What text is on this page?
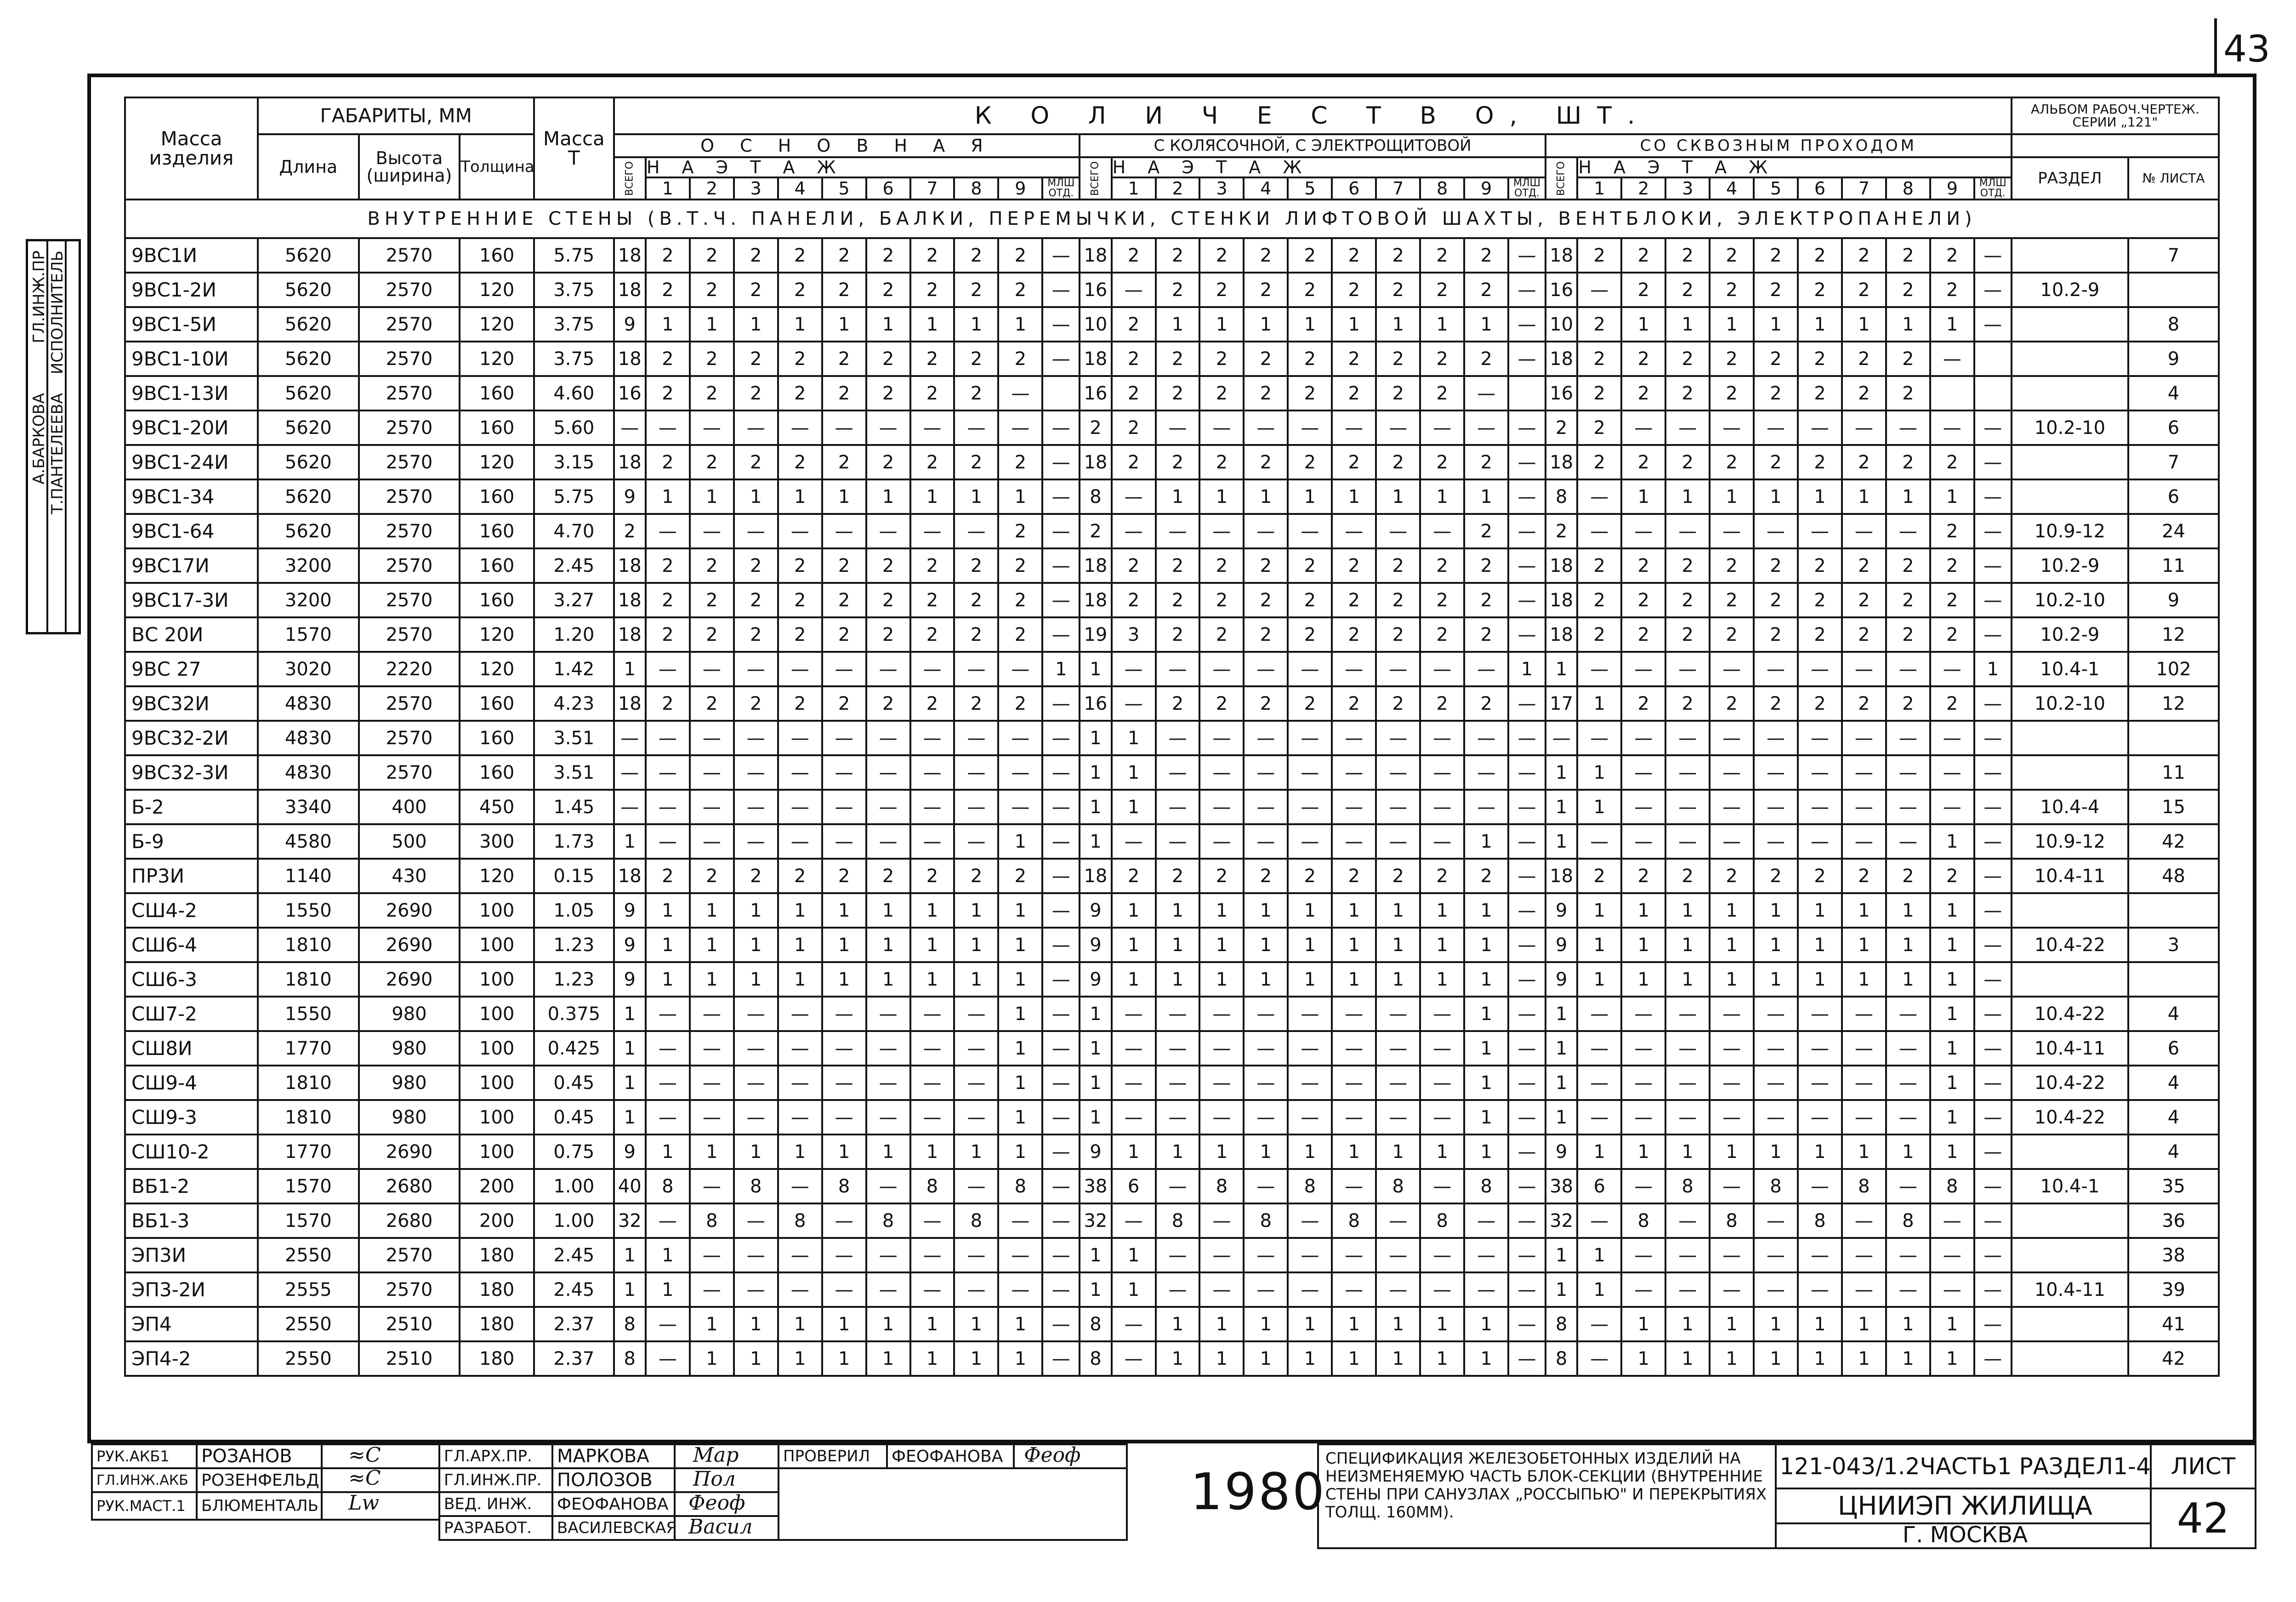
43
ГЛ.ИНЖ.ПР ИСПОЛНИТЕЛЬ
А.БАРКОВА Т.ПАНТЕЛЕЕВА
Масса изделия	ГАБАРИТЫ, ММ			Масса Т	К О Л И Ч Е С Т В О, ШТ.																																	АЛЬБОМ РАБОЧ.ЧЕРТЕЖ. СЕРИИ „121"	
	Длина	Высота (ширина)	Толщина		О С Н О В Н А Я											С КОЛЯСОЧНОЙ, С ЭЛЕКТРОЩИТОВОЙ											СО СКВОЗНЫМ ПРОХОДОМ												
					ВСЕГО	Н А Э Т А Ж										ВСЕГО	Н А Э Т А Ж										ВСЕГО	Н А Э Т А Ж										РАЗДЕЛ	№ ЛИСТА
						1	2	3	4	5	6	7	8	9	МЛШ ОТД.		1	2	3	4	5	6	7	8	9	МЛШ ОТД.		1	2	3	4	5	6	7	8	9	МЛШ ОТД.		
ВНУТРЕННИЕ СТЕНЫ (В.Т.Ч. ПАНЕЛИ, БАЛКИ, ПЕРЕМЫЧКИ, СТЕНКИ ЛИФТОВОЙ ШАХТЫ, ВЕНТБЛОКИ, ЭЛЕКТРОПАНЕЛИ)																																							
9ВС1И	5620	2570	160	5.75	18	2	2	2	2	2	2	2	2	2	—	18	2	2	2	2	2	2	2	2	2	—	18	2	2	2	2	2	2	2	2	2	—		7
9ВС1-2И	5620	2570	120	3.75	18	2	2	2	2	2	2	2	2	2	—	16	—	2	2	2	2	2	2	2	2	—	16	—	2	2	2	2	2	2	2	2	—	10.2-9	
9ВС1-5И	5620	2570	120	3.75	9	1	1	1	1	1	1	1	1	1	—	10	2	1	1	1	1	1	1	1	1	—	10	2	1	1	1	1	1	1	1	1	—		8
9ВС1-10И	5620	2570	120	3.75	18	2	2	2	2	2	2	2	2	2	—	18	2	2	2	2	2	2	2	2	2	—	18	2	2	2	2	2	2	2	2	—			9
9ВС1-13И	5620	2570	160	4.60	16	2	2	2	2	2	2	2	2	—		16	2	2	2	2	2	2	2	2	—		16	2	2	2	2	2	2	2	2				4
9ВС1-20И	5620	2570	160	5.60	—	—	—	—	—	—	—	—	—	—	—	2	2	—	—	—	—	—	—	—	—	—	2	2	—	—	—	—	—	—	—	—	—	10.2-10	6
9ВС1-24И	5620	2570	120	3.15	18	2	2	2	2	2	2	2	2	2	—	18	2	2	2	2	2	2	2	2	2	—	18	2	2	2	2	2	2	2	2	2	—		7
9ВС1-34	5620	2570	160	5.75	9	1	1	1	1	1	1	1	1	1	—	8	—	1	1	1	1	1	1	1	1	—	8	—	1	1	1	1	1	1	1	1	—		6
9ВС1-64	5620	2570	160	4.70	2	—	—	—	—	—	—	—	—	2	—	2	—	—	—	—	—	—	—	—	2	—	2	—	—	—	—	—	—	—	—	2	—	10.9-12	24
9ВС17И	3200	2570	160	2.45	18	2	2	2	2	2	2	2	2	2	—	18	2	2	2	2	2	2	2	2	2	—	18	2	2	2	2	2	2	2	2	2	—	10.2-9	11
9ВС17-3И	3200	2570	160	3.27	18	2	2	2	2	2	2	2	2	2	—	18	2	2	2	2	2	2	2	2	2	—	18	2	2	2	2	2	2	2	2	2	—	10.2-10	9
ВС 20И	1570	2570	120	1.20	18	2	2	2	2	2	2	2	2	2	—	19	3	2	2	2	2	2	2	2	2	—	18	2	2	2	2	2	2	2	2	2	—	10.2-9	12
9ВС 27	3020	2220	120	1.42	1	—	—	—	—	—	—	—	—	—	1	1	—	—	—	—	—	—	—	—	—	1	1	—	—	—	—	—	—	—	—	—	1	10.4-1	102
9ВС32И	4830	2570	160	4.23	18	2	2	2	2	2	2	2	2	2	—	16	—	2	2	2	2	2	2	2	2	—	17	1	2	2	2	2	2	2	2	2	—	10.2-10	12
9ВС32-2И	4830	2570	160	3.51	—	—	—	—	—	—	—	—	—	—	—	1	1	—	—	—	—	—	—	—	—	—	—	—	—	—	—	—	—	—	—	—	—		
9ВС32-3И	4830	2570	160	3.51	—	—	—	—	—	—	—	—	—	—	—	1	1	—	—	—	—	—	—	—	—	—	1	1	—	—	—	—	—	—	—	—	—		11
Б-2	3340	400	450	1.45	—	—	—	—	—	—	—	—	—	—	—	1	1	—	—	—	—	—	—	—	—	—	1	1	—	—	—	—	—	—	—	—	—	10.4-4	15
Б-9	4580	500	300	1.73	1	—	—	—	—	—	—	—	—	1	—	1	—	—	—	—	—	—	—	—	1	—	1	—	—	—	—	—	—	—	—	1	—	10.9-12	42
ПР3И	1140	430	120	0.15	18	2	2	2	2	2	2	2	2	2	—	18	2	2	2	2	2	2	2	2	2	—	18	2	2	2	2	2	2	2	2	2	—	10.4-11	48
СШ4-2	1550	2690	100	1.05	9	1	1	1	1	1	1	1	1	1	—	9	1	1	1	1	1	1	1	1	1	—	9	1	1	1	1	1	1	1	1	1	—		
СШ6-4	1810	2690	100	1.23	9	1	1	1	1	1	1	1	1	1	—	9	1	1	1	1	1	1	1	1	1	—	9	1	1	1	1	1	1	1	1	1	—	10.4-22	3
СШ6-3	1810	2690	100	1.23	9	1	1	1	1	1	1	1	1	1	—	9	1	1	1	1	1	1	1	1	1	—	9	1	1	1	1	1	1	1	1	1	—		
СШ7-2	1550	980	100	0.375	1	—	—	—	—	—	—	—	—	1	—	1	—	—	—	—	—	—	—	—	1	—	1	—	—	—	—	—	—	—	—	1	—	10.4-22	4
СШ8И	1770	980	100	0.425	1	—	—	—	—	—	—	—	—	1	—	1	—	—	—	—	—	—	—	—	1	—	1	—	—	—	—	—	—	—	—	1	—	10.4-11	6
СШ9-4	1810	980	100	0.45	1	—	—	—	—	—	—	—	—	1	—	1	—	—	—	—	—	—	—	—	1	—	1	—	—	—	—	—	—	—	—	1	—	10.4-22	4
СШ9-3	1810	980	100	0.45	1	—	—	—	—	—	—	—	—	1	—	1	—	—	—	—	—	—	—	—	1	—	1	—	—	—	—	—	—	—	—	1	—	10.4-22	4
СШ10-2	1770	2690	100	0.75	9	1	1	1	1	1	1	1	1	1	—	9	1	1	1	1	1	1	1	1	1	—	9	1	1	1	1	1	1	1	1	1	—		4
ВБ1-2	1570	2680	200	1.00	40	8	—	8	—	8	—	8	—	8	—	38	6	—	8	—	8	—	8	—	8	—	38	6	—	8	—	8	—	8	—	8	—	10.4-1	35
ВБ1-3	1570	2680	200	1.00	32	—	8	—	8	—	8	—	8	—	—	32	—	8	—	8	—	8	—	8	—	—	32	—	8	—	8	—	8	—	8	—	—		36
ЭП3И	2550	2570	180	2.45	1	1	—	—	—	—	—	—	—	—	—	1	1	—	—	—	—	—	—	—	—	—	1	1	—	—	—	—	—	—	—	—	—		38
ЭП3-2И	2555	2570	180	2.45	1	1	—	—	—	—	—	—	—	—	—	1	1	—	—	—	—	—	—	—	—	—	1	1	—	—	—	—	—	—	—	—	—	10.4-11	39
ЭП4	2550	2510	180	2.37	8	—	1	1	1	1	1	1	1	1	—	8	—	1	1	1	1	1	1	1	1	—	8	—	1	1	1	1	1	1	1	1	—		41
ЭП4-2	2550	2510	180	2.37	8	—	1	1	1	1	1	1	1	1	—	8	—	1	1	1	1	1	1	1	1	—	8	—	1	1	1	1	1	1	1	1	—		42
РУК.АКБ1	РОЗАНОВ
ГЛ.ИНЖ.АКБ РОЗЕНФЕЛЬД
РУК.МАСТ.1	БЛЮМЕНТАЛЬ
≈С
≈С
Lw
ГЛ.АРХ.ПР.	МАРКОВА
ГЛ.ИНЖ.ПР. ПОЛОЗОВ
ВЕД. ИНЖ.	ФЕОФАНОВА
РАЗРАБОТ.	ВАСИЛЕВСКАЯ
Мар
Пол
Феоф
Васил
ПРОВЕРИЛ	ФЕОФАНОВА	Феоф
1980
СПЕЦИФИКАЦИЯ ЖЕЛЕЗОБЕТОННЫХ ИЗДЕЛИЙ НА НЕИЗМЕНЯЕМУЮ ЧАСТЬ БЛОК-СЕКЦИИ (ВНУТРЕННИЕ СТЕНЫ ПРИ САНУЗЛАХ „РОССЫПЬЮ" И ПЕРЕКРЫТИЯХ ТОЛЩ. 160ММ).
121-043/1.2ЧАСТЬ1 РАЗДЕЛ1-4
ЦНИИЭП ЖИЛИЩА
Г. МОСКВА
ЛИСТ
42
